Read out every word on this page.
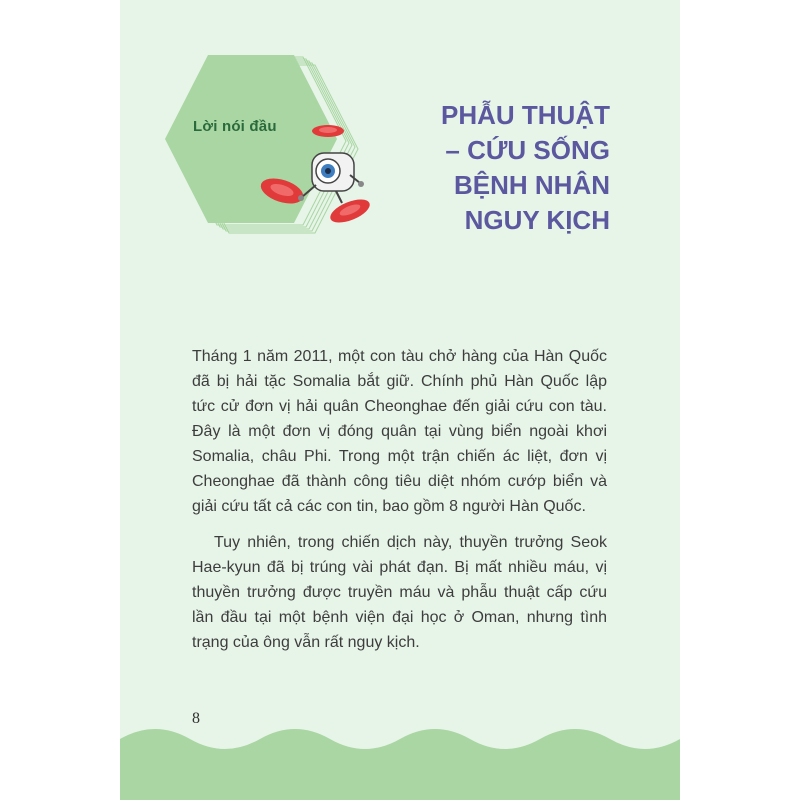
Lời nói đầu	PHẪU THUẬT
– CỨU SỐNG
BỆNH NHÂN
NGUY KỊCH

Tháng 1 năm 2011, một con tàu chở hàng của Hàn Quốc đã bị hải tặc Somalia bắt giữ. Chính phủ Hàn Quốc lập tức cử đơn vị hải quân Cheonghae đến giải cứu con tàu. Đây là một đơn vị đóng quân tại vùng biển ngoài khơi Somalia, châu Phi. Trong một trận chiến ác liệt, đơn vị Cheonghae đã thành công tiêu diệt nhóm cướp biển và giải cứu tất cả các con tin, bao gồm 8 người Hàn Quốc.

Tuy nhiên, trong chiến dịch này, thuyền trưởng Seok Hae-kyun đã bị trúng vài phát đạn. Bị mất nhiều máu, vị thuyền trưởng được truyền máu và phẫu thuật cấp cứu lần đầu tại một bệnh viện đại học ở Oman, nhưng tình trạng của ông vẫn rất nguy kịch.

8
